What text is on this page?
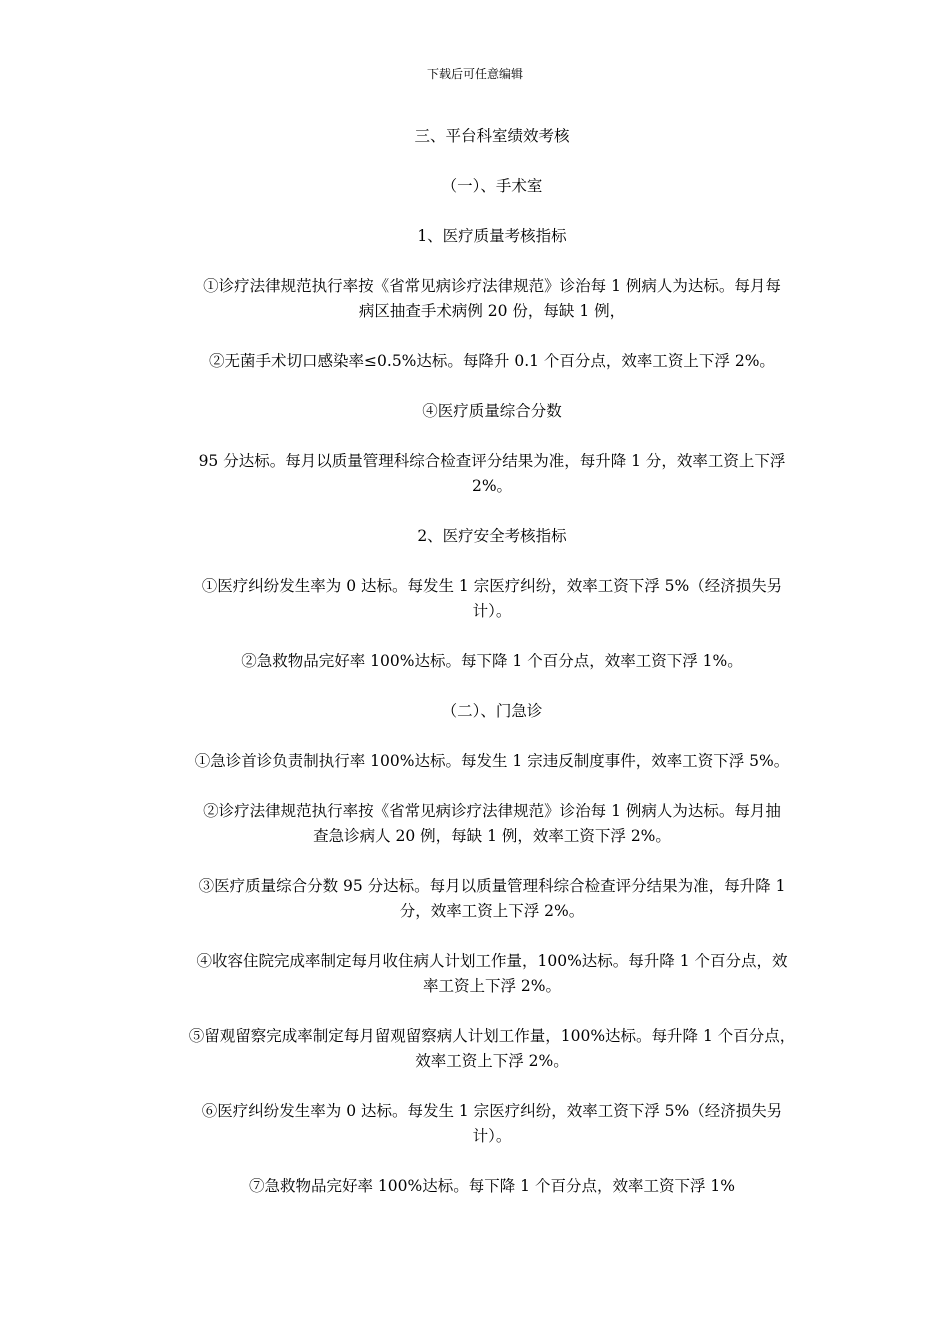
下载后可任意编辑
三、平台科室绩效考核
（一）、手术室
1、医疗质量考核指标
①诊疗法律规范执行率按《省常见病诊疗法律规范》诊治每 1 例病人为达标。每月每
病区抽查手术病例 20 份，每缺 1 例，
②无菌手术切口感染率≤0.5%达标。每降升 0.1 个百分点，效率工资上下浮 2%。
④医疗质量综合分数
95 分达标。每月以质量管理科综合检查评分结果为准，每升降 1 分，效率工资上下浮
2%。
2、医疗安全考核指标
①医疗纠纷发生率为 0 达标。每发生 1 宗医疗纠纷，效率工资下浮 5%（经济损失另
计）。
②急救物品完好率 100%达标。每下降 1 个百分点，效率工资下浮 1%。
（二）、门急诊
①急诊首诊负责制执行率 100%达标。每发生 1 宗违反制度事件，效率工资下浮 5%。
②诊疗法律规范执行率按《省常见病诊疗法律规范》诊治每 1 例病人为达标。每月抽
查急诊病人 20 例，每缺 1 例，效率工资下浮 2%。
③医疗质量综合分数 95 分达标。每月以质量管理科综合检查评分结果为准，每升降 1
分，效率工资上下浮 2%。
④收容住院完成率制定每月收住病人计划工作量，100%达标。每升降 1 个百分点，效
率工资上下浮 2%。
⑤留观留察完成率制定每月留观留察病人计划工作量，100%达标。每升降 1 个百分点，
效率工资上下浮 2%。
⑥医疗纠纷发生率为 0 达标。每发生 1 宗医疗纠纷，效率工资下浮 5%（经济损失另
计）。
⑦急救物品完好率 100%达标。每下降 1 个百分点，效率工资下浮 1%
